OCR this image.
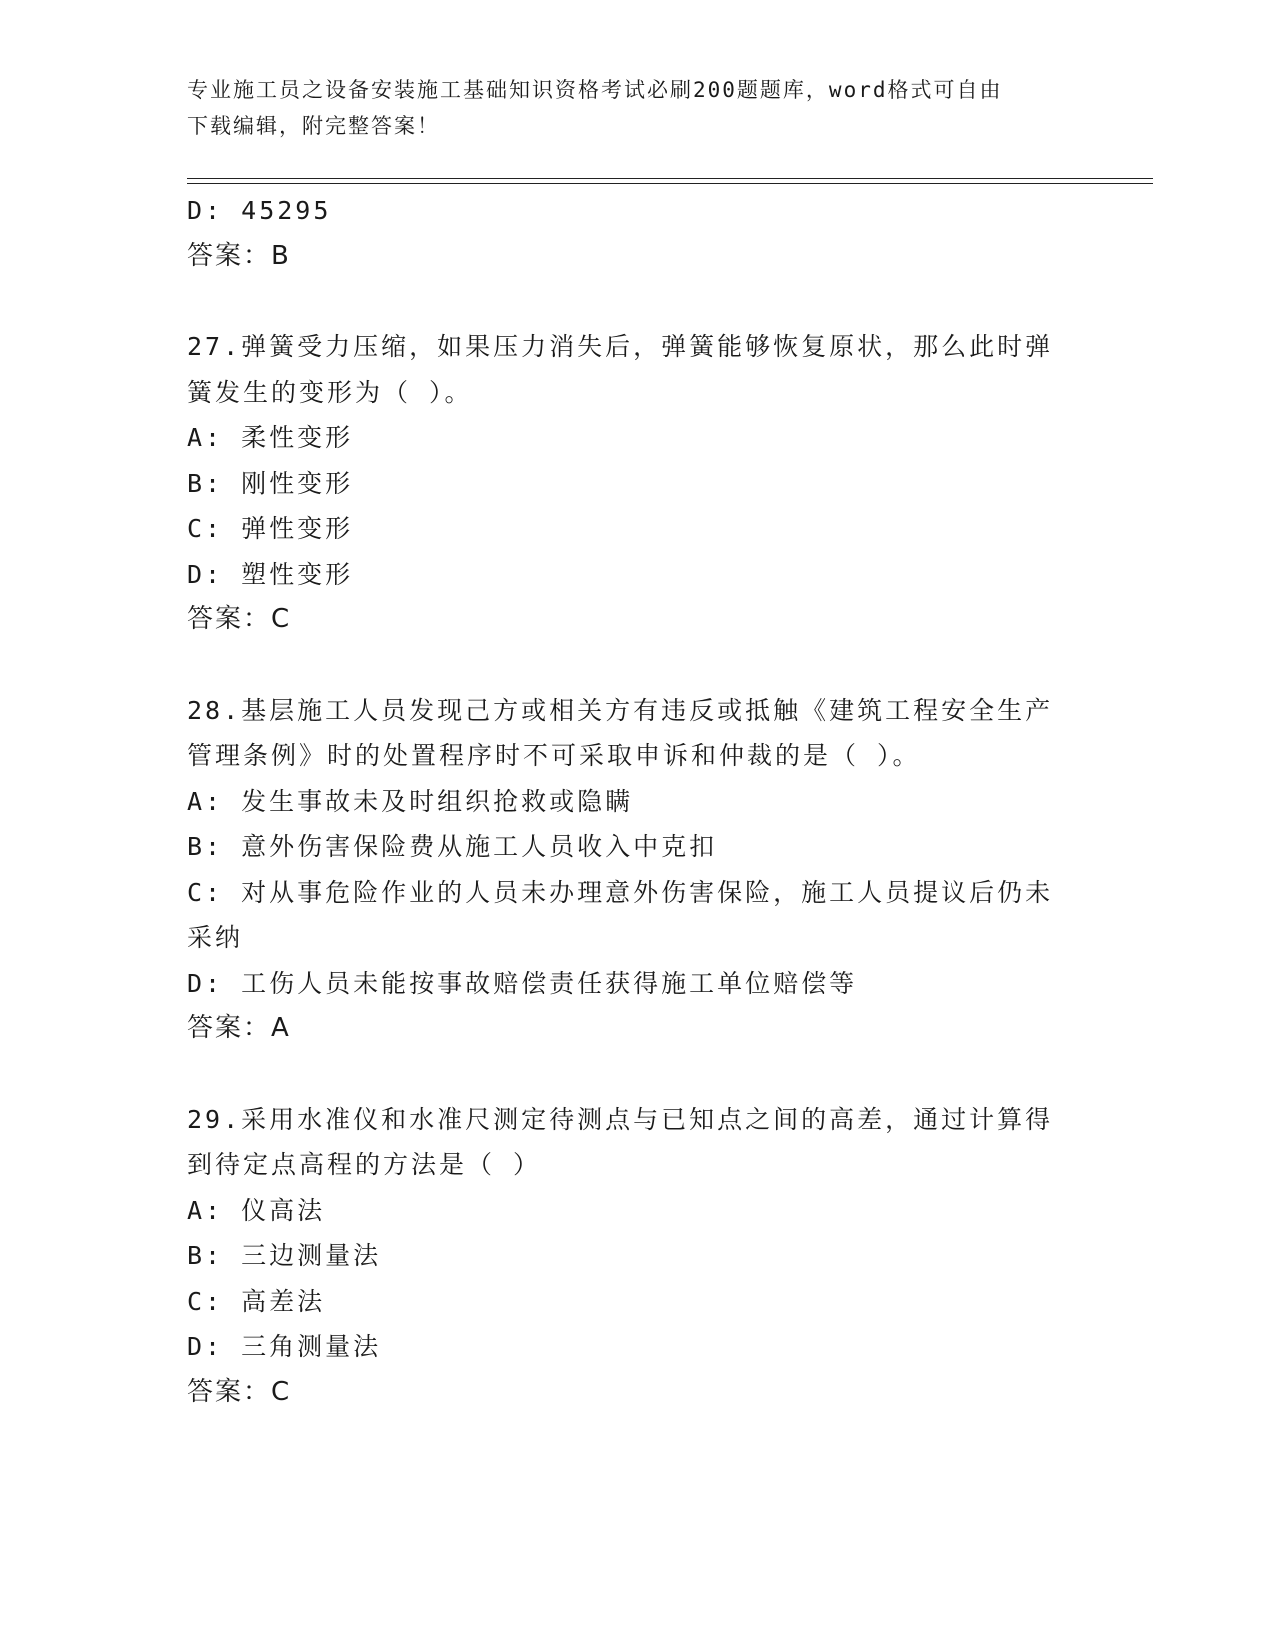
专业施工员之设备安装施工基础知识资格考试必刷200题题库，word格式可自由
下载编辑，附完整答案！
D: 45295
答案：B
27.弹簧受力压缩，如果压力消失后，弹簧能够恢复原状，那么此时弹
簧发生的变形为（ ）。
A: 柔性变形
B: 刚性变形
C: 弹性变形
D: 塑性变形
答案：C
28.基层施工人员发现己方或相关方有违反或抵触《建筑工程安全生产
管理条例》时的处置程序时不可采取申诉和仲裁的是（ ）。
A: 发生事故未及时组织抢救或隐瞒
B: 意外伤害保险费从施工人员收入中克扣
C: 对从事危险作业的人员未办理意外伤害保险，施工人员提议后仍未
采纳
D: 工伤人员未能按事故赔偿责任获得施工单位赔偿等
答案：A
29.采用水准仪和水准尺测定待测点与已知点之间的高差，通过计算得
到待定点高程的方法是（ ）
A: 仪高法
B: 三边测量法
C: 高差法
D: 三角测量法
答案：C
